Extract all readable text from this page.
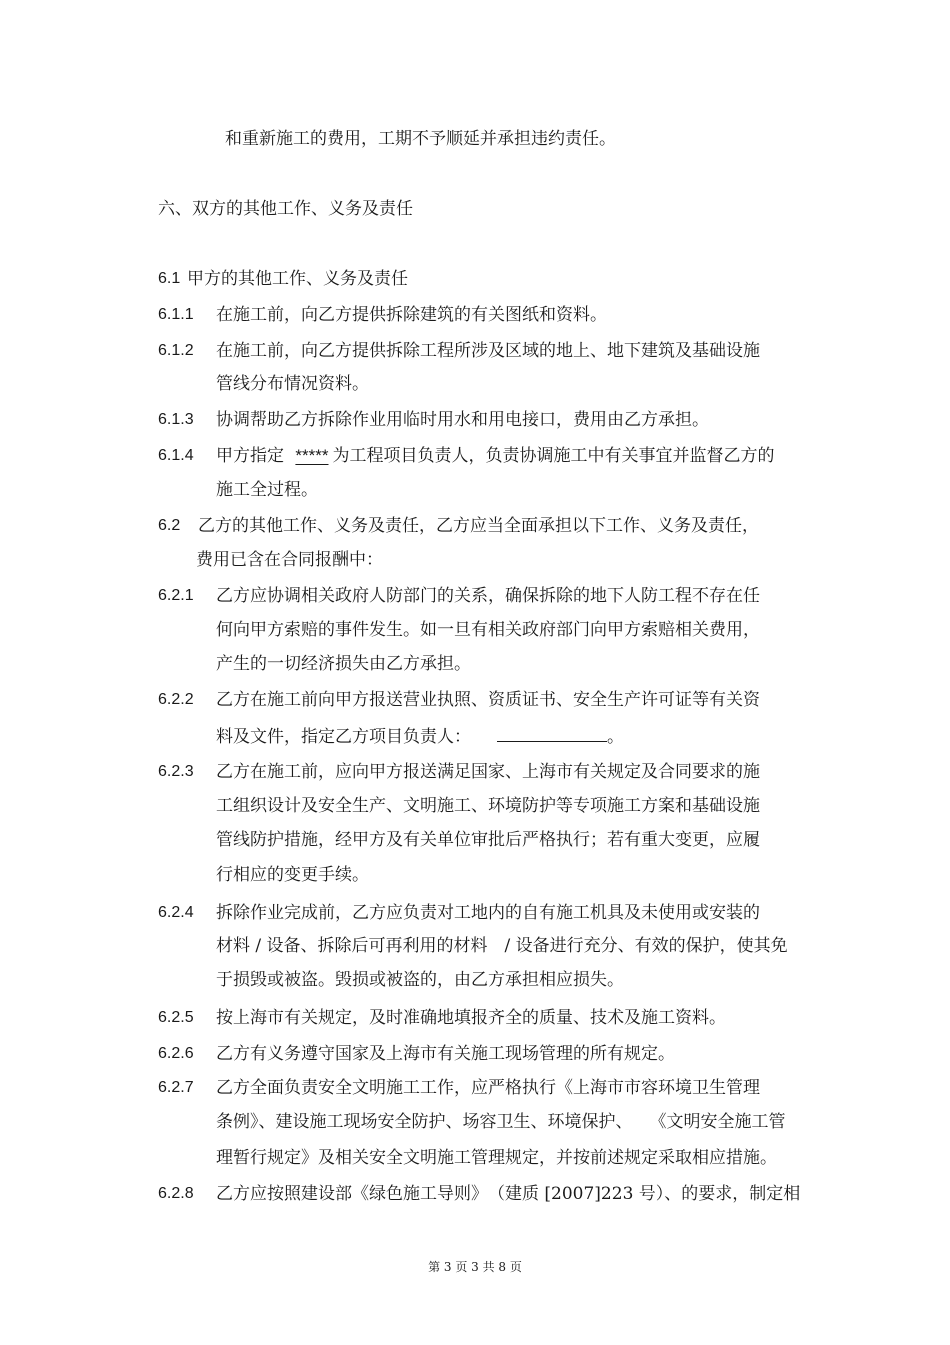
和重新施工的费用，工期不予顺延并承担违约责任。
六、双方的其他工作、义务及责任
6.1 甲方的其他工作、义务及责任
6.1.1 在施工前，向乙方提供拆除建筑的有关图纸和资料。
6.1.2 在施工前，向乙方提供拆除工程所涉及区域的地上、地下建筑及基础设施
管线分布情况资料。
6.1.3 协调帮助乙方拆除作业用临时用水和用电接口，费用由乙方承担。
6.1.4 甲方指定 ***** 为工程项目负责人，负责协调施工中有关事宜并监督乙方的
施工全过程。
6.2 乙方的其他工作、义务及责任，乙方应当全面承担以下工作、义务及责任，
费用已含在合同报酬中：
6.2.1 乙方应协调相关政府人防部门的关系，确保拆除的地下人防工程不存在任
何向甲方索赔的事件发生。如一旦有相关政府部门向甲方索赔相关费用，
产生的一切经济损失由乙方承担。
6.2.2 乙方在施工前向甲方报送营业执照、资质证书、安全生产许可证等有关资
料及文件，指定乙方项目负责人：	。
6.2.3 乙方在施工前，应向甲方报送满足国家、上海市有关规定及合同要求的施
工组织设计及安全生产、文明施工、环境防护等专项施工方案和基础设施
管线防护措施，经甲方及有关单位审批后严格执行；若有重大变更，应履
行相应的变更手续。
6.2.4 拆除作业完成前，乙方应负责对工地内的自有施工机具及未使用或安装的
材料 / 设备、拆除后可再利用的材料　/ 设备进行充分、有效的保护，使其免
于损毁或被盗。毁损或被盗的，由乙方承担相应损失。
6.2.5 按上海市有关规定，及时准确地填报齐全的质量、技术及施工资料。
6.2.6 乙方有义务遵守国家及上海市有关施工现场管理的所有规定。
6.2.7 乙方全面负责安全文明施工工作，应严格执行《上海市市容环境卫生管理
条例》、建设施工现场安全防护、场容卫生、环境保护、　　《文明安全施工管
理暂行规定》及相关安全文明施工管理规定，并按前述规定采取相应措施。
6.2.8 乙方应按照建设部《绿色施工导则》　（建质 [2007]223 号）、的要求，制定相
第 3 页 3 共 8 页
